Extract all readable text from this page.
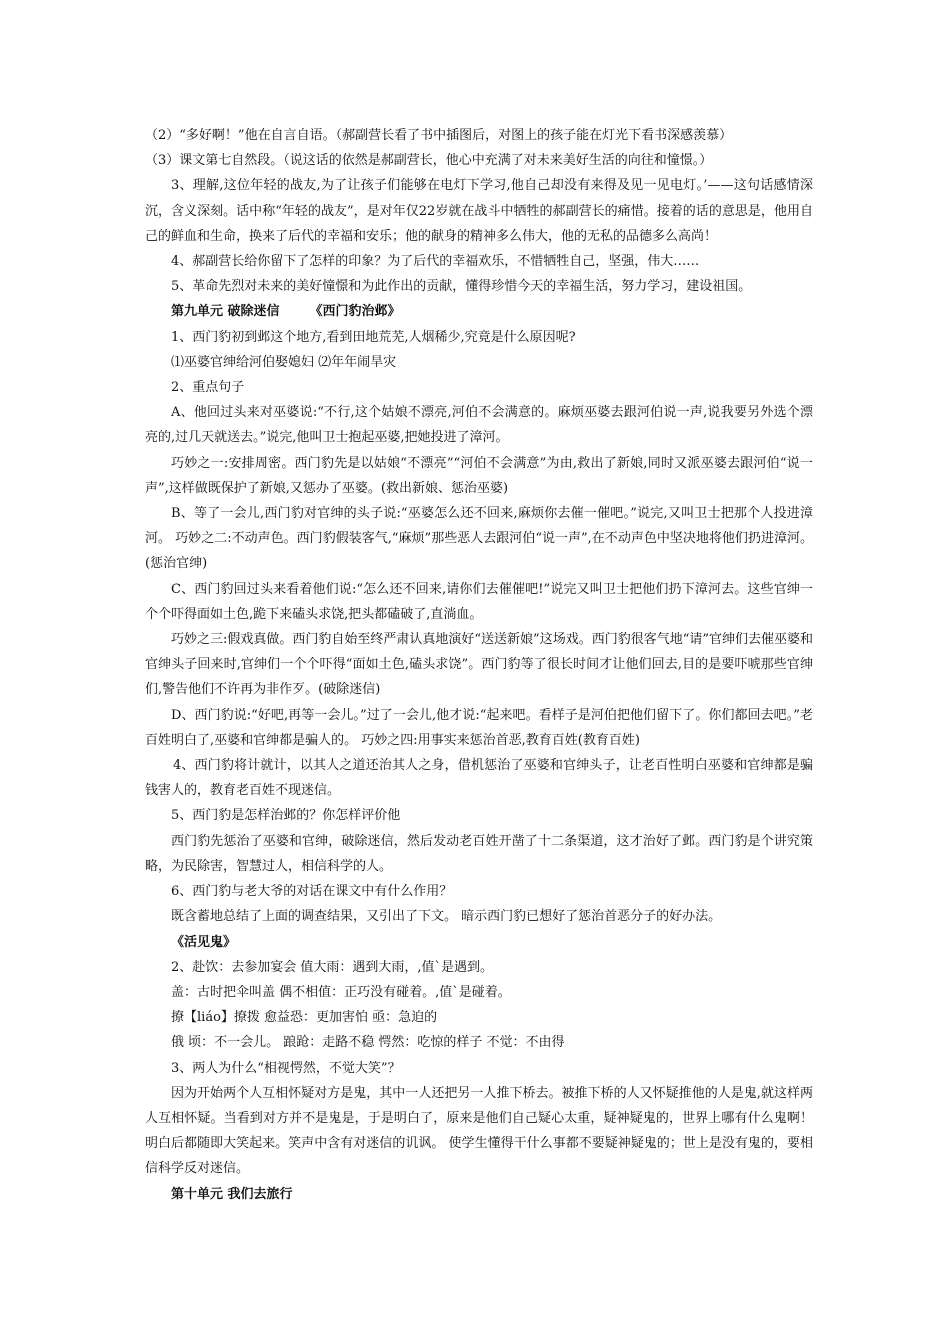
（2）“多好啊！”他在自言自语。（郝副营长看了书中插图后，对图上的孩子能在灯光下看书深感羡慕）

（3）课文第七自然段。（说这话的依然是郝副营长，他心中充满了对未来美好生活的向往和憧憬。）

3、理解,这位年轻的战友,为了让孩子们能够在电灯下学习,他自己却没有来得及见一见电灯。’——这句话感情深沉，含义深刻。话中称“年轻的战友”，是对年仅22岁就在战斗中牺牲的郝副营长的痛惜。接着的话的意思是，他用自己的鲜血和生命，换来了后代的幸福和安乐；他的献身的精神多么伟大，他的无私的品德多么高尚！

4、郝副营长给你留下了怎样的印象？为了后代的幸福欢乐，不惜牺牲自己，坚强，伟大……

5、革命先烈对未来的美好憧憬和为此作出的贡献，懂得珍惜今天的幸福生活，努力学习，建设祖国。

第九单元 破除迷信 《西门豹治邺》

1、西门豹初到邺这个地方,看到田地荒芜,人烟稀少,究竟是什么原因呢?

⑴巫婆官绅给河伯娶媳妇 ⑵年年闹旱灾

2、重点句子

A、他回过头来对巫婆说:“不行,这个姑娘不漂亮,河伯不会满意的。麻烦巫婆去跟河伯说一声,说我要另外选个漂亮的,过几天就送去。”说完,他叫卫士抱起巫婆,把她投进了漳河。

巧妙之一:安排周密。西门豹先是以姑娘“不漂亮”“河伯不会满意”为由,救出了新娘,同时又派巫婆去跟河伯“说一声”,这样做既保护了新娘,又惩办了巫婆。(救出新娘、惩治巫婆)

B、等了一会儿,西门豹对官绅的头子说:“巫婆怎么还不回来,麻烦你去催一催吧。”说完,又叫卫士把那个人投进漳河。 巧妙之二:不动声色。西门豹假装客气,“麻烦”那些恶人去跟河伯“说一声”,在不动声色中坚决地将他们扔进漳河。(惩治官绅)

C、西门豹回过头来看着他们说:“怎么还不回来,请你们去催催吧!”说完又叫卫士把他们扔下漳河去。这些官绅一个个吓得面如土色,跪下来磕头求饶,把头都磕破了,直淌血。

巧妙之三:假戏真做。西门豹自始至终严肃认真地演好“送送新娘”这场戏。西门豹很客气地“请”官绅们去催巫婆和官绅头子回来时,官绅们一个个吓得“面如土色,磕头求饶”。西门豹等了很长时间才让他们回去,目的是要吓唬那些官绅们,警告他们不许再为非作歹。(破除迷信)

D、西门豹说:“好吧,再等一会儿。”过了一会儿,他才说:“起来吧。看样子是河伯把他们留下了。你们都回去吧。”老百姓明白了,巫婆和官绅都是骗人的。 巧妙之四:用事实来惩治首恶,教育百姓(教育百姓)

4、西门豹将计就计，以其人之道还治其人之身，借机惩治了巫婆和官绅头子，让老百性明白巫婆和官绅都是骗钱害人的，教育老百姓不现迷信。

5、西门豹是怎样治邺的？你怎样评价他

西门豹先惩治了巫婆和官绅，破除迷信，然后发动老百姓开凿了十二条渠道，这才治好了邺。西门豹是个讲究策略，为民除害，智慧过人，相信科学的人。

6、西门豹与老大爷的对话在课文中有什么作用？

既含蓄地总结了上面的调查结果，又引出了下文。 暗示西门豹已想好了惩治首恶分子的好办法。

《活见鬼》

2、赴饮：去参加宴会 值大雨：遇到大雨，,值`是遇到。

盖：古时把伞叫盖 偶不相值：正巧没有碰着。,值`是碰着。

撩【liáo】撩拨 愈益恐：更加害怕 亟：急迫的

俄 顷：不一会儿。 踉跄：走路不稳 愕然：吃惊的样子 不觉：不由得

3、两人为什么“相视愕然，不觉大笑”？

因为开始两个人互相怀疑对方是鬼，其中一人还把另一人推下桥去。被推下桥的人又怀疑推他的人是鬼,就这样两人互相怀疑。当看到对方并不是鬼是，于是明白了，原来是他们自己疑心太重，疑神疑鬼的，世界上哪有什么鬼啊！明白后都随即大笑起来。笑声中含有对迷信的讥讽。 使学生懂得干什么事都不要疑神疑鬼的；世上是没有鬼的，要相信科学反对迷信。

第十单元 我们去旅行
